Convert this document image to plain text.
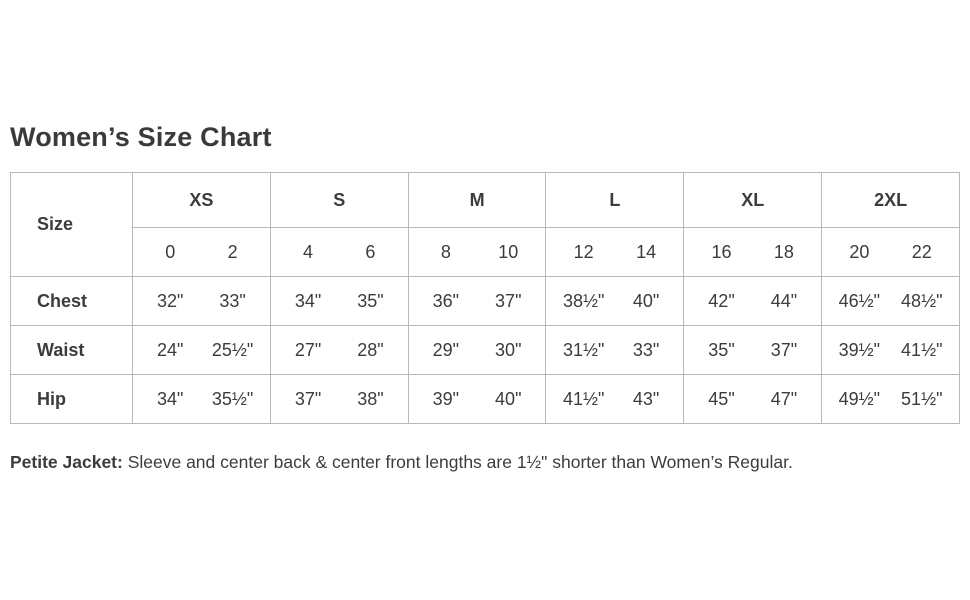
Women’s Size Chart
Size	XS	S	M	L	XL	2XL

	0 2	4 6	8 10	12 14	16 18	20 22

Chest	32" 33"	34" 35"	36" 37"	38½" 40"	42" 44"	46½" 48½"

Waist	24" 25½"	27" 28"	29" 30"	31½" 33"	35" 37"	39½" 41½"

Hip	34" 35½"	37" 38"	39" 40"	41½" 43"	45" 47"	49½" 51½"

Petite Jacket: Sleeve and center back & center front lengths are 1½" shorter than Women’s Regular.
